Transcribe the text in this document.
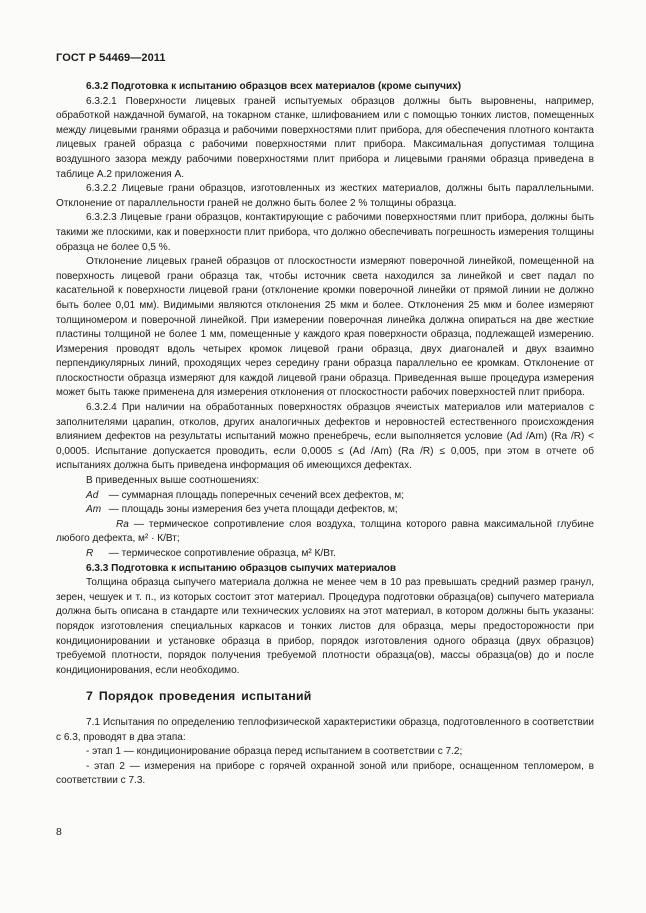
ГОСТ Р 54469—2011

6.3.2 Подготовка к испытанию образцов всех материалов (кроме сыпучих)

6.3.2.1 Поверхности лицевых граней испытуемых образцов должны быть выровнены, например, обработкой наждачной бумагой, на токарном станке, шлифованием или с помощью тонких листов, помещенных между лицевыми гранями образца и рабочими поверхностями плит прибора, для обеспечения плотного контакта лицевых граней образца с рабочими поверхностями плит прибора. Максимальная допустимая толщина воздушного зазора между рабочими поверхностями плит прибора и лицевыми гранями образца приведена в таблице А.2 приложения А.

6.3.2.2 Лицевые грани образцов, изготовленных из жестких материалов, должны быть параллельными. Отклонение от параллельности граней не должно быть более 2 % толщины образца.

6.3.2.3 Лицевые грани образцов, контактирующие с рабочими поверхностями плит прибора, должны быть такими же плоскими, как и поверхности плит прибора, что должно обеспечивать погрешность измерения толщины образца не более 0,5 %.

Отклонение лицевых граней образцов от плоскостности измеряют поверочной линейкой, помещенной на поверхность лицевой грани образца так, чтобы источник света находился за линейкой и свет падал по касательной к поверхности лицевой грани (отклонение кромки поверочной линейки от прямой линии не должно быть более 0,01 мм). Видимыми являются отклонения 25 мкм и более. Отклонения 25 мкм и более измеряют толщиномером и поверочной линейкой. При измерении поверочная линейка должна опираться на две жесткие пластины толщиной не более 1 мм, помещенные у каждого края поверхности образца, подлежащей измерению. Измерения проводят вдоль четырех кромок лицевой грани образца, двух диагоналей и двух взаимно перпендикулярных линий, проходящих через середину грани образца параллельно ее кромкам. Отклонение от плоскостности образца измеряют для каждой лицевой грани образца. Приведенная выше процедура измерения может быть также применена для измерения отклонения от плоскостности рабочих поверхностей плит прибора.

6.3.2.4 При наличии на обработанных поверхностях образцов ячеистых материалов или материалов с заполнителями царапин, отколов, других аналогичных дефектов и неровностей естественного происхождения влиянием дефектов на результаты испытаний можно пренебречь, если выполняется условие (Ad /Am) (Ra /R) < 0,0005. Испытание допускается проводить, если 0,0005 ≤ (Ad /Am) (Ra /R) ≤ 0,005, при этом в отчете об испытаниях должна быть приведена информация об имеющихся дефектах.

В приведенных выше соотношениях:

Ad — суммарная площадь поперечных сечений всех дефектов, м;

Am — площадь зоны измерения без учета площади дефектов, м;

Ra — термическое сопротивление слоя воздуха, толщина которого равна максимальной глубине любого дефекта, м² · К/Вт;

R — термическое сопротивление образца, м² К/Вт.

6.3.3 Подготовка к испытанию образцов сыпучих материалов

Толщина образца сыпучего материала должна не менее чем в 10 раз превышать средний размер гранул, зерен, чешуек и т. п., из которых состоит этот материал. Процедура подготовки образца(ов) сыпучего материала должна быть описана в стандарте или технических условиях на этот материал, в котором должны быть указаны: порядок изготовления специальных каркасов и тонких листов для образца, меры предосторожности при кондиционировании и установке образца в прибор, порядок изготовления одного образца (двух образцов) требуемой плотности, порядок получения требуемой плотности образца(ов), массы образца(ов) до и после кондиционирования, если необходимо.

7 Порядок проведения испытаний

7.1 Испытания по определению теплофизической характеристики образца, подготовленного в соответствии с 6.3, проводят в два этапа:

- этап 1 — кондиционирование образца перед испытанием в соответствии с 7.2;

- этап 2 — измерения на приборе с горячей охранной зоной или приборе, оснащенном тепломером, в соответствии с 7.3.

8
